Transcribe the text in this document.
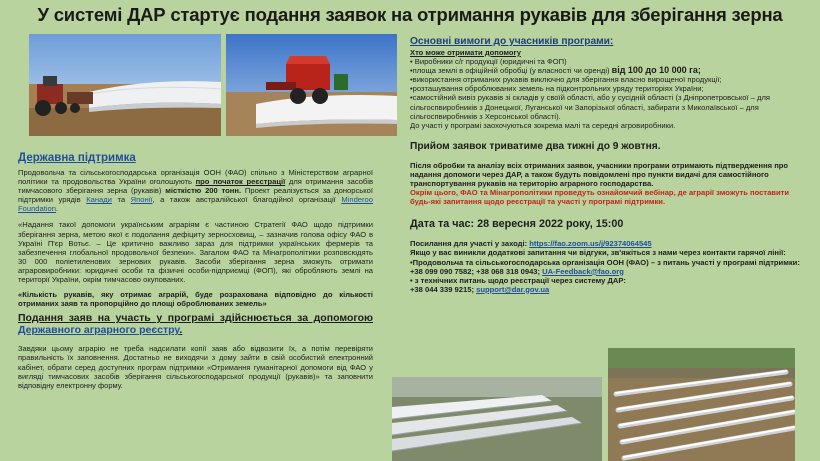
У системі ДАР стартує подання заявок на отримання рукавів для зберігання зерна
Державна підтримка

Продовольча та сільськогосподарська організація ООН (ФАО) спільно з Міністерством аграрної політики та продовольства України оголошують про початок реєстрації для отримання засобів тимчасового зберігання зерна (рукавів) місткістю 200 тонн. Проект реалізується за донорської підтримки урядів Канади та Японії, а також австралійської благодійної організації Minderoo Foundation.

«Надання такої допомоги українським аграріям є частиною Стратегії ФАО щодо підтримки зберігання зерна, метою якої є подолання дефіциту зерносховищ, – зазначив голова офісу ФАО в Україні П'єр Вотьє. – Це критично важливо зараз для підтримки українських фермерів та забезпечення глобальної продовольчої безпеки». Загалом ФАО та Мінагрополітики розповсюдять 30 000 поліетиленових зернових рукавів. Засоби зберігання зерна зможуть отримати аграровиробники: юридичні особи та фізичні особи-підприємці (ФОП), які обробляють землі на території України, окрім тимчасово окупованих.

«Кількість рукавів, яку отримає аграрій, буде розрахована відповідно до кількості отриманих заяв та пропорційно до площі оброблюваних земель»

Подання заяв на участь у програмі здійснюється за допомогою Державного аграрного реєстру.

Завдяки цьому аграрію не треба надсилати копії заяв або відвозити їх, а потім перевіряти правильність їх заповнення. Достатньо не виходячи з дому зайти в свій особистий електронний кабінет, обрати серед доступних програм підтримки «Отримання гуманітарної допомоги від ФАО у вигляді тимчасових засобів зберігання сільськогосподарської продукції (рукавів)» та заповнити відповідну електронну форму.

Основні вимоги до учасників програми:
Хто може отримати допомогу
• Виробники с/г продукції (юридичні та ФОП)
•площа землі в офіційній обробці (у власності чи оренді) від 100 до 10 000 га;
•використання отриманих рукавів виключно для зберігання власно вирощеної продукції;
•розташування оброблюваних земель на підконтрольних уряду територіях України;
•самостійний вивіз рукавів зі складів у своїй області, або у сусідній області (з Дніпропетровської – для сільгоспвиробників з Донецької, Луганської чи Запорізької області, забирати з Миколаївської – для сільгоспвиробників з Херсонської області).
До участі у програмі заохочуються зокрема малі та середні агровиробники.
Прийом заявок триватиме два тижні до 9 жовтня.
Після обробки та аналізу всіх отриманих заявок, учасники програми отримають підтвердження про надання допомоги через ДАР, а також будуть повідомлені про пункти видачі для самостійного транспортування рукавів на територію аграрного господарства.
Окрім цього, ФАО та Мінагрополітики проведуть ознайомчий вебінар, де аграрії зможуть поставити будь-які запитання щодо реєстрації та участі у програмі підтримки.
Дата та час: 28 вересня 2022 року, 15:00
Посилання для участі у заході: https://fao.zoom.us/j/92374064545
Якщо у вас виникли додаткові запитання чи відгуки, зв'яжіться з нами через контакти гарячої лінії:
•Продовольча та сільськогосподарська організація ООН (ФАО) – з питань участі у програмі підтримки:
+38 099 090 7582; +38 068 318 0943; UA-Feedback@fao.org
• з технічних питань щодо реєстрації через систему ДАР:
+38 044 339 9215; support@dar.gov.ua
